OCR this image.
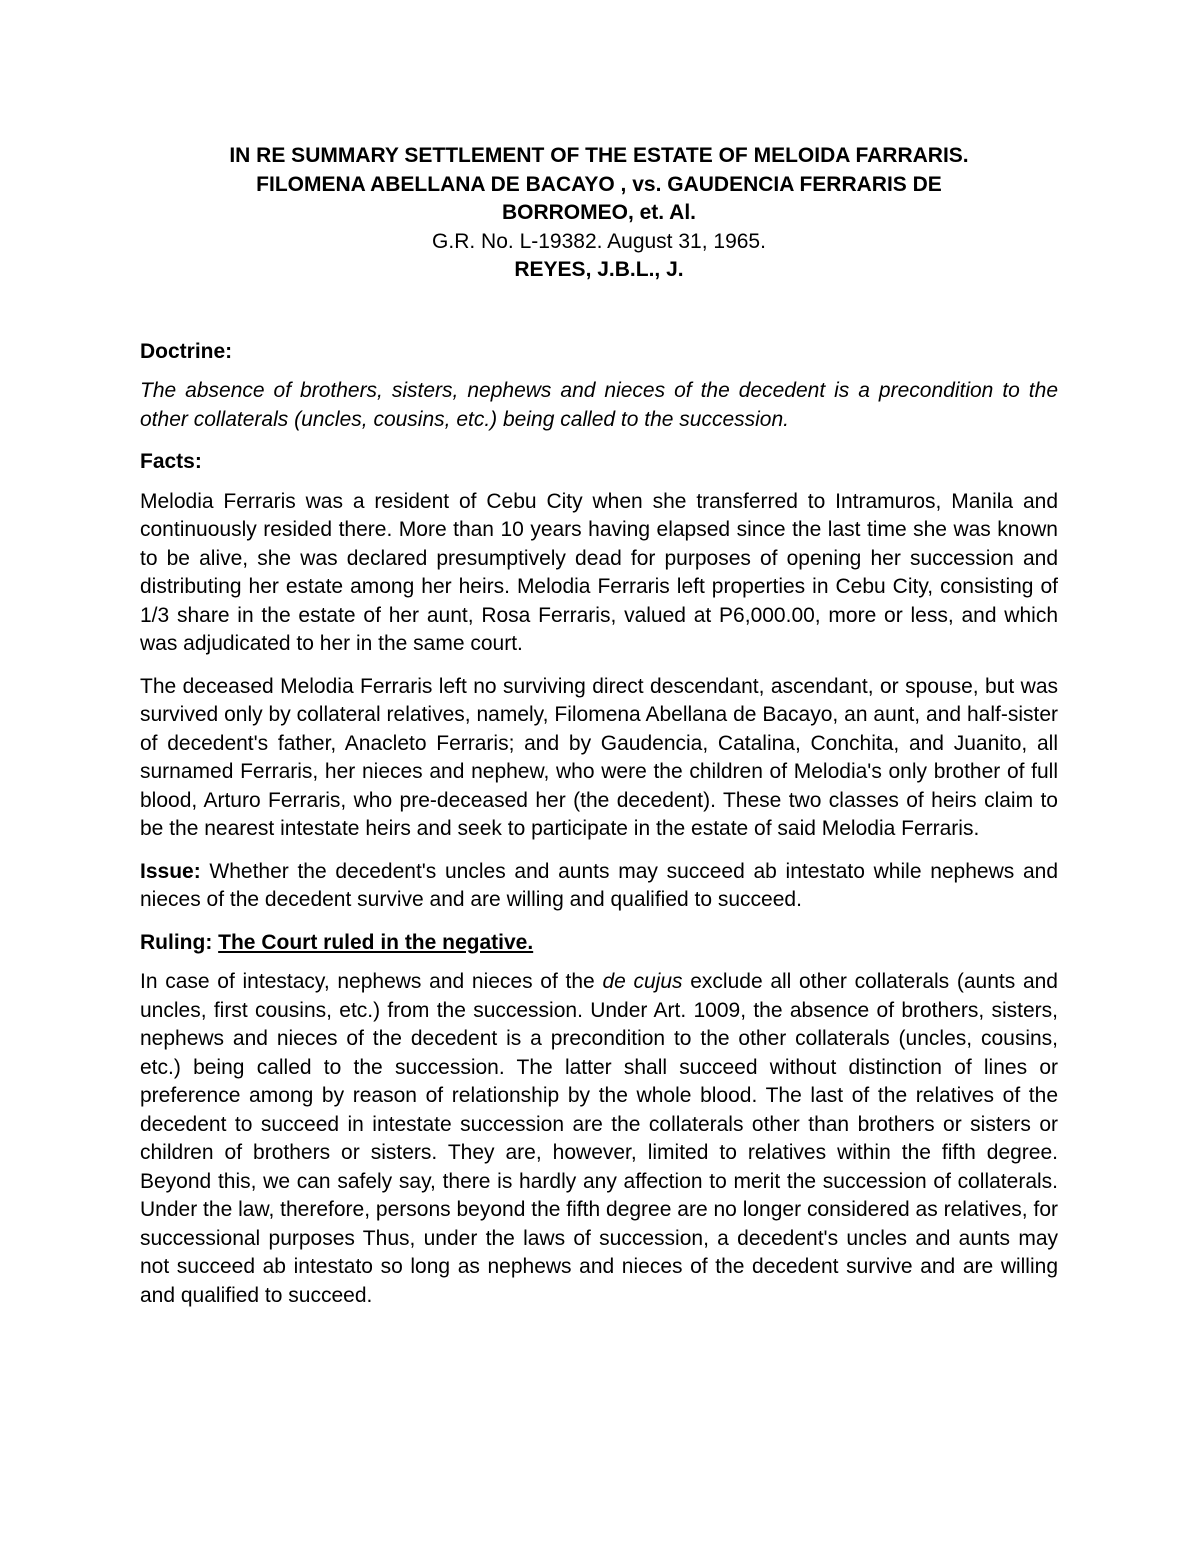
IN RE SUMMARY SETTLEMENT OF THE ESTATE OF MELOIDA FARRARIS.
FILOMENA ABELLANA DE BACAYO , vs. GAUDENCIA FERRARIS DE
BORROMEO, et. Al.
G.R. No. L-19382. August 31, 1965.
REYES, J.B.L., J.

Doctrine:

The absence of brothers, sisters, nephews and nieces of the decedent is a precondition to the other collaterals (uncles, cousins, etc.) being called to the succession.

Facts:

Melodia Ferraris was a resident of Cebu City when she transferred to Intramuros, Manila and continuously resided there. More than 10 years having elapsed since the last time she was known to be alive, she was declared presumptively dead for purposes of opening her succession and distributing her estate among her heirs. Melodia Ferraris left properties in Cebu City, consisting of 1/3 share in the estate of her aunt, Rosa Ferraris, valued at P6,000.00, more or less, and which was adjudicated to her in the same court.

The deceased Melodia Ferraris left no surviving direct descendant, ascendant, or spouse, but was survived only by collateral relatives, namely, Filomena Abellana de Bacayo, an aunt, and half-sister of decedent's father, Anacleto Ferraris; and by Gaudencia, Catalina, Conchita, and Juanito, all surnamed Ferraris, her nieces and nephew, who were the children of Melodia's only brother of full blood, Arturo Ferraris, who pre-deceased her (the decedent). These two classes of heirs claim to be the nearest intestate heirs and seek to participate in the estate of said Melodia Ferraris.

Issue: Whether the decedent's uncles and aunts may succeed ab intestato while nephews and nieces of the decedent survive and are willing and qualified to succeed.

Ruling: The Court ruled in the negative.

In case of intestacy, nephews and nieces of the de cujus exclude all other collaterals (aunts and uncles, first cousins, etc.) from the succession. Under Art. 1009, the absence of brothers, sisters, nephews and nieces of the decedent is a precondition to the other collaterals (uncles, cousins, etc.) being called to the succession. The latter shall succeed without distinction of lines or preference among by reason of relationship by the whole blood. The last of the relatives of the decedent to succeed in intestate succession are the collaterals other than brothers or sisters or children of brothers or sisters. They are, however, limited to relatives within the fifth degree. Beyond this, we can safely say, there is hardly any affection to merit the succession of collaterals. Under the law, therefore, persons beyond the fifth degree are no longer considered as relatives, for successional purposes Thus, under the laws of succession, a decedent's uncles and aunts may not succeed ab intestato so long as nephews and nieces of the decedent survive and are willing and qualified to succeed.
